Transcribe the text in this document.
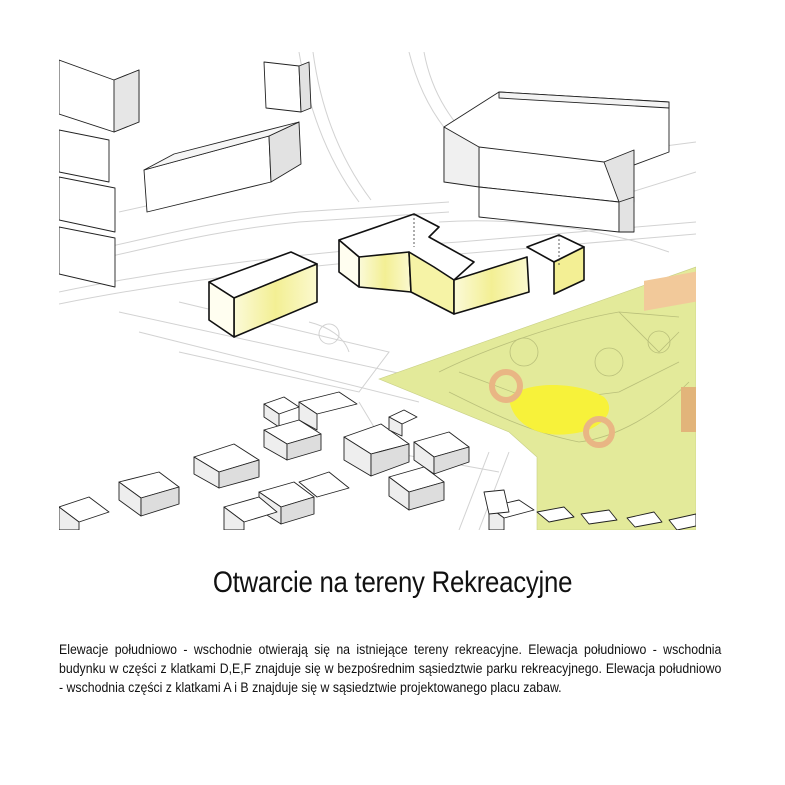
Otwarcie na tereny Rekreacyjne
Elewacje południowo - wschodnie otwierają się na istniejące tereny rekreacyjne. Elewacja południowo - wschodnia budynku w części z klatkami D,E,F znajduje się w bezpośrednim sąsiedztwie parku rekreacyjnego. Elewacja południowo - wschodnia części z klatkami A i B znajduje się w sąsiedztwie projektowanego placu zabaw.
